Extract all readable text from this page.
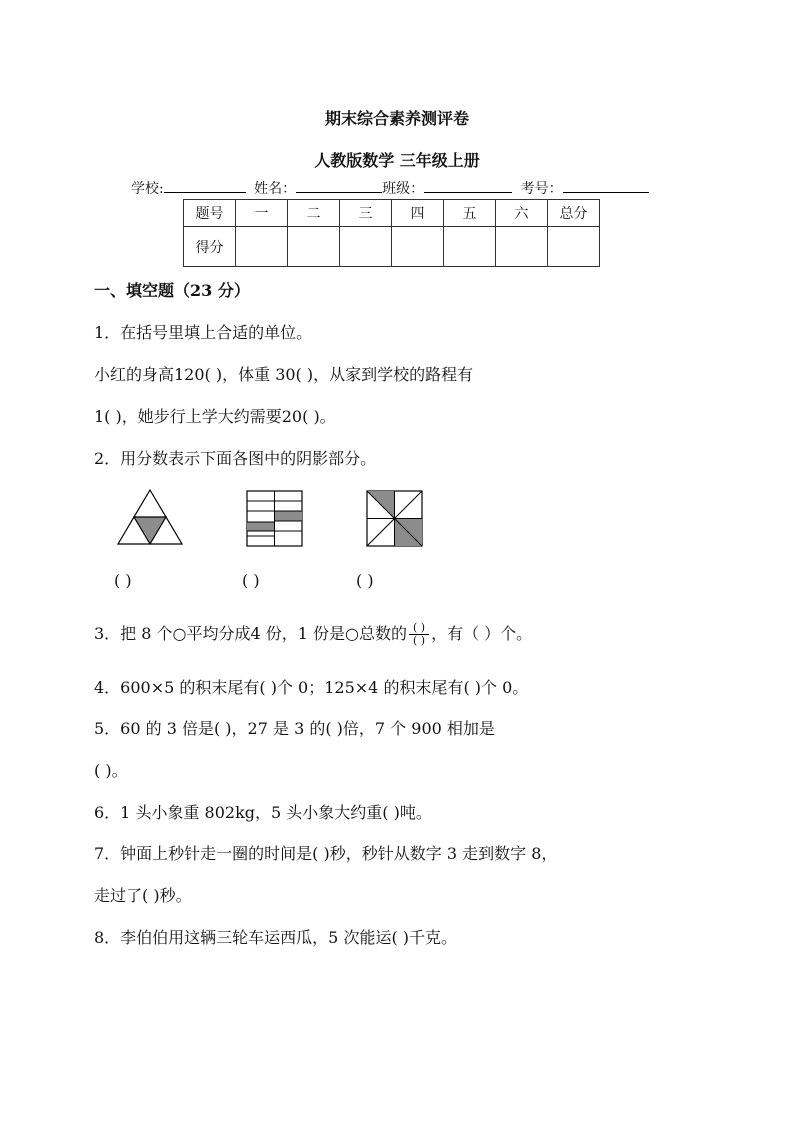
期末综合素养测评卷
人教版数学 三年级上册
学校:	姓名：	班级：	考号：
题号	一	二	三	四	五	六	总分
得分							
一、填空题（23 分）
1．在括号里填上合适的单位。
小红的身高120( )，体重 30( )，从家到学校的路程有
1( )，她步行上学大约需要20( )。
2．用分数表示下面各图中的阴影部分。
( )	( )	( )
3．把 8 个○平均分成4 份，1 份是○总数的 $\frac{( )}{( )}$ ，有（ ）个。
4．600×5 的积末尾有( )个 0；125×4 的积末尾有( )个 0。
5．60 的 3 倍是( )，27 是 3 的( )倍，7 个 900 相加是
( )。
6．1 头小象重 802kg，5 头小象大约重( )吨。
7．钟面上秒针走一圈的时间是( )秒，秒针从数字 3 走到数字 8，
走过了( )秒。
8．李伯伯用这辆三轮车运西瓜，5 次能运( )千克。
